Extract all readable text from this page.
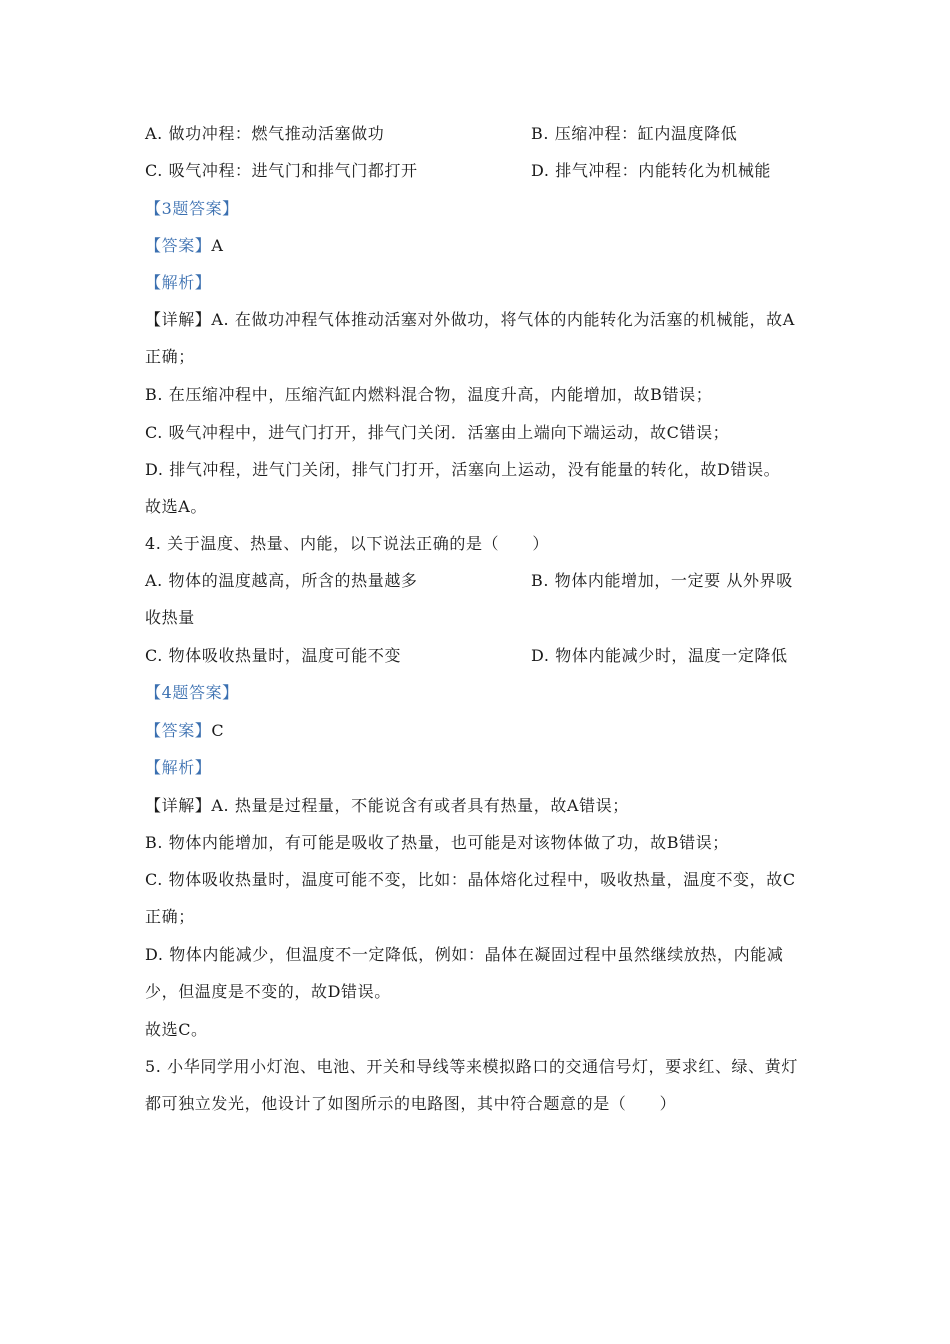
A. 做功冲程：燃气推动活塞做功	B. 压缩冲程：缸内温度降低
C. 吸气冲程：进气门和排气门都打开	D. 排气冲程：内能转化为机械能
【3题答案】
【答案】A
【解析】
【详解】A. 在做功冲程气体推动活塞对外做功，将气体的内能转化为活塞的机械能，故A
正确；
B. 在压缩冲程中，压缩汽缸内燃料混合物，温度升高，内能增加，故B错误；
C. 吸气冲程中，进气门打开，排气门关闭．活塞由上端向下端运动，故C错误；
D. 排气冲程，进气门关闭，排气门打开，活塞向上运动，没有能量的转化，故D错误。
故选A。
4. 关于温度、热量、内能，以下说法正确的是（　　）
A. 物体的温度越高，所含的热量越多	B. 物体内能增加，一定要 从外界吸
收热量
C. 物体吸收热量时，温度可能不变	D. 物体内能减少时，温度一定降低
【4题答案】
【答案】C
【解析】
【详解】A. 热量是过程量，不能说含有或者具有热量，故A错误；
B. 物体内能增加，有可能是吸收了热量，也可能是对该物体做了功，故B错误；
C. 物体吸收热量时，温度可能不变，比如：晶体熔化过程中，吸收热量，温度不变，故C
正确；
D. 物体内能减少，但温度不一定降低，例如：晶体在凝固过程中虽然继续放热，内能减
少，但温度是不变的，故D错误。
故选C。
5. 小华同学用小灯泡、电池、开关和导线等来模拟路口的交通信号灯，要求红、绿、黄灯
都可独立发光，他设计了如图所示的电路图，其中符合题意的是（　　）
